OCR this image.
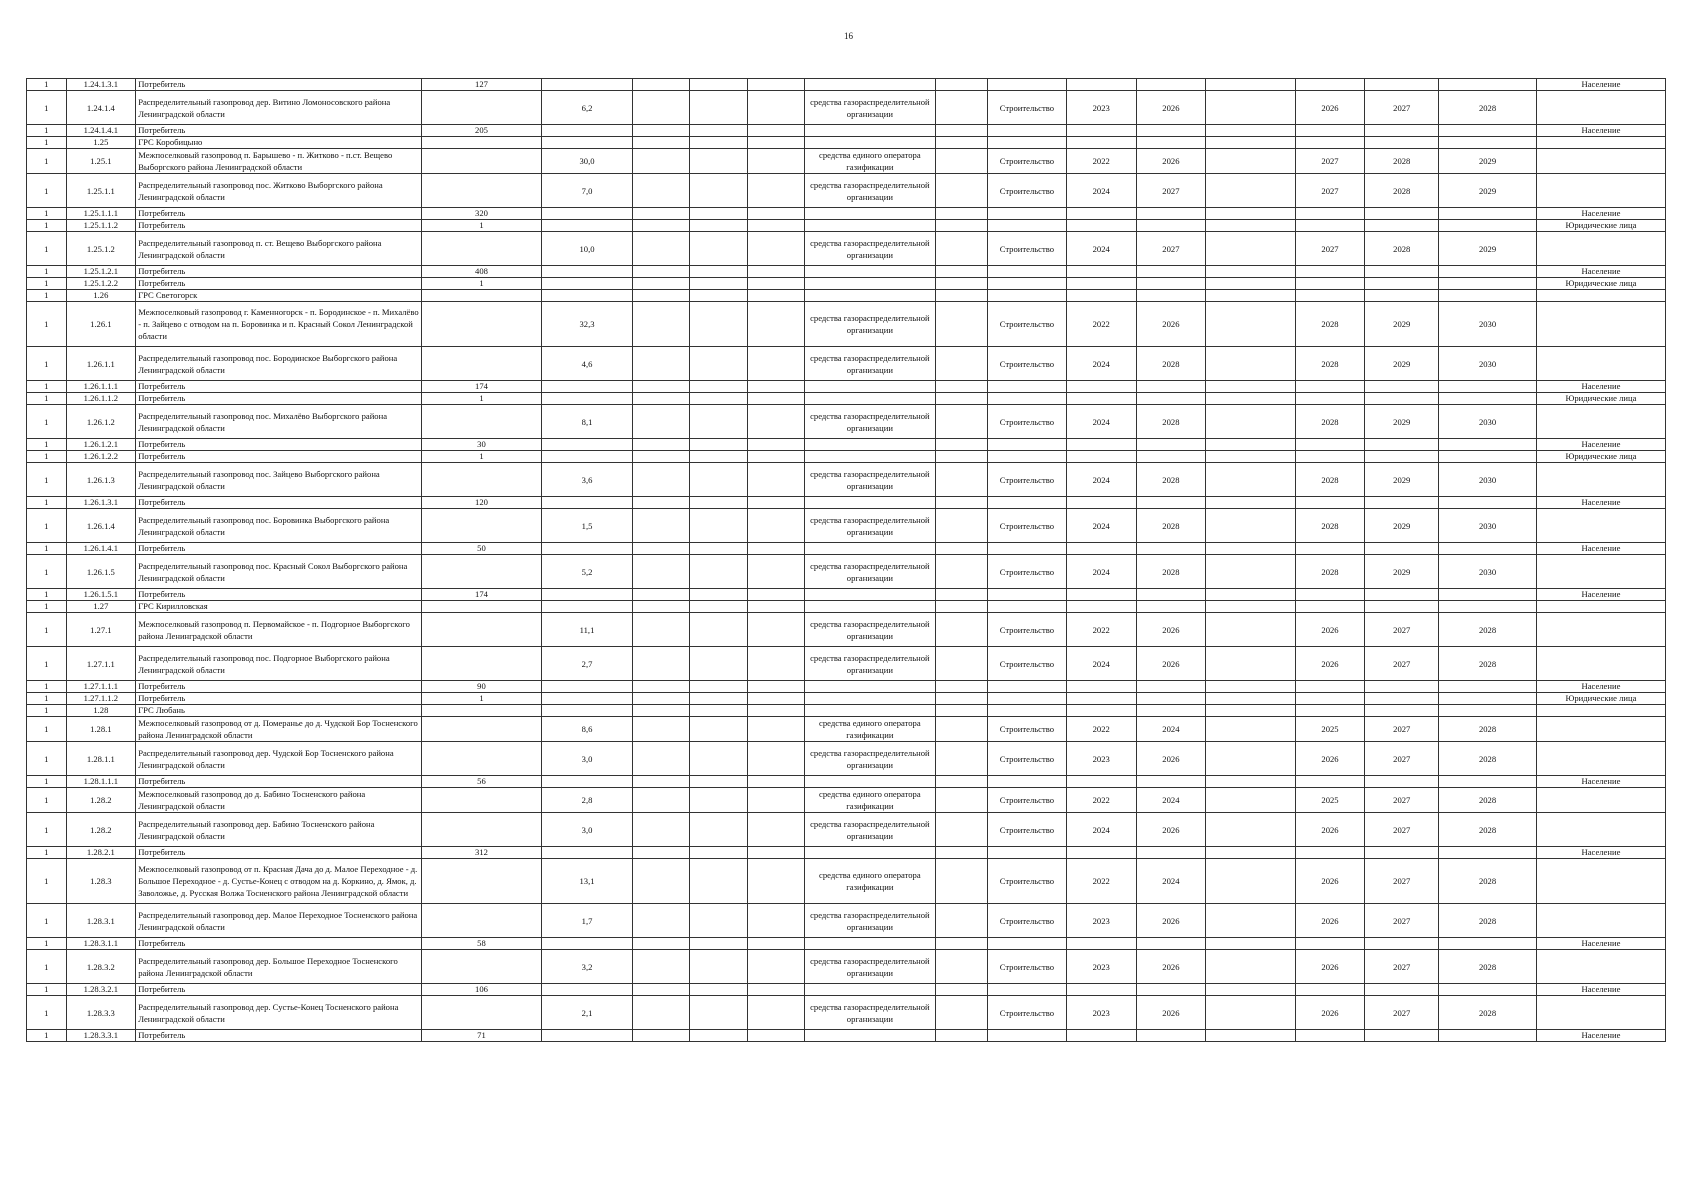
16
1	1.24.1.3.1	Потребитель	127														Население
1	1.24.1.4	Распределительный газопровод дер. Витино Ломоносовского района Ленинградской области		6,2				средства газораспределительной организации		Строительство	2023	2026		2026	2027	2028	
1	1.24.1.4.1	Потребитель	205														Население
1	1.25	ГРС Коробицыно															
1	1.25.1	Межпоселковый газопровод п. Барышево - п. Житково - п.ст. Вещево Выборгского района Ленинградской области		30,0				средства единого оператора газификации		Строительство	2022	2026		2027	2028	2029	
1	1.25.1.1	Распределительный газопровод пос. Житково Выборгского района Ленинградской области		7,0				средства газораспределительной организации		Строительство	2024	2027		2027	2028	2029	
1	1.25.1.1.1	Потребитель	320														Население
1	1.25.1.1.2	Потребитель	1														Юридические лица
1	1.25.1.2	Распределительный газопровод п. ст. Вещево Выборгского района Ленинградской области		10,0				средства газораспределительной организации		Строительство	2024	2027		2027	2028	2029	
1	1.25.1.2.1	Потребитель	408														Население
1	1.25.1.2.2	Потребитель	1														Юридические лица
1	1.26	ГРС Светогорск															
1	1.26.1	Межпоселковый газопровод г. Каменногорск - п. Бородинское - п. Михалёво - п. Зайцево с отводом на п. Боровинка и п. Красный Сокол Ленинградской области		32,3				средства газораспределительной организации		Строительство	2022	2026		2028	2029	2030	
1	1.26.1.1	Распределительный газопровод пос. Бородинское Выборгского района Ленинградской области		4,6				средства газораспределительной организации		Строительство	2024	2028		2028	2029	2030	
1	1.26.1.1.1	Потребитель	174														Население
1	1.26.1.1.2	Потребитель	1														Юридические лица
1	1.26.1.2	Распределительный газопровод пос. Михалёво Выборгского района Ленинградской области		8,1				средства газораспределительной организации		Строительство	2024	2028		2028	2029	2030	
1	1.26.1.2.1	Потребитель	30														Население
1	1.26.1.2.2	Потребитель	1														Юридические лица
1	1.26.1.3	Распределительный газопровод пос. Зайцево Выборгского района Ленинградской области		3,6				средства газораспределительной организации		Строительство	2024	2028		2028	2029	2030	
1	1.26.1.3.1	Потребитель	120														Население
1	1.26.1.4	Распределительный газопровод пос. Боровинка Выборгского района Ленинградской области		1,5				средства газораспределительной организации		Строительство	2024	2028		2028	2029	2030	
1	1.26.1.4.1	Потребитель	50														Население
1	1.26.1.5	Распределительный газопровод пос. Красный Сокол Выборгского района Ленинградской области		5,2				средства газораспределительной организации		Строительство	2024	2028		2028	2029	2030	
1	1.26.1.5.1	Потребитель	174														Население
1	1.27	ГРС Кирилловская															
1	1.27.1	Межпоселковый газопровод п. Первомайское - п. Подгорное Выборгского района Ленинградской области		11,1				средства газораспределительной организации		Строительство	2022	2026		2026	2027	2028	
1	1.27.1.1	Распределительный газопровод пос. Подгорное Выборгского района Ленинградской области		2,7				средства газораспределительной организации		Строительство	2024	2026		2026	2027	2028	
1	1.27.1.1.1	Потребитель	90														Население
1	1.27.1.1.2	Потребитель	1														Юридические лица
1	1.28	ГРС Любань															
1	1.28.1	Межпоселковый газопровод от д. Померанье до д. Чудской Бор Тосненского района Ленинградской области		8,6				средства единого оператора газификации		Строительство	2022	2024		2025	2027	2028	
1	1.28.1.1	Распределительный газопровод дер. Чудской Бор Тосненского района Ленинградской области		3,0				средства газораспределительной организации		Строительство	2023	2026		2026	2027	2028	
1	1.28.1.1.1	Потребитель	56														Население
1	1.28.2	Межпоселковый газопровод до д. Бабино Тосненского района Ленинградской области		2,8				средства единого оператора газификации		Строительство	2022	2024		2025	2027	2028	
1	1.28.2	Распределительный газопровод дер. Бабино Тосненского района Ленинградской области		3,0				средства газораспределительной организации		Строительство	2024	2026		2026	2027	2028	
1	1.28.2.1	Потребитель	312														Население
1	1.28.3	Межпоселковый газопровод от п. Красная Дача до д. Малое Переходное - д. Большое Переходное - д. Сустье-Конец с отводом на д. Коркино, д. Ямок, д. Заволожье, д. Русская Волжа Тосненского района Ленинградской области		13,1				средства единого оператора газификации		Строительство	2022	2024		2026	2027	2028	
1	1.28.3.1	Распределительный газопровод дер. Малое Переходное Тосненского района Ленинградской области		1,7				средства газораспределительной организации		Строительство	2023	2026		2026	2027	2028	
1	1.28.3.1.1	Потребитель	58														Население
1	1.28.3.2	Распределительный газопровод дер. Большое Переходное Тосненского района Ленинградской области		3,2				средства газораспределительной организации		Строительство	2023	2026		2026	2027	2028	
1	1.28.3.2.1	Потребитель	106														Население
1	1.28.3.3	Распределительный газопровод дер. Сустье-Конец Тосненского района Ленинградской области		2,1				средства газораспределительной организации		Строительство	2023	2026		2026	2027	2028	
1	1.28.3.3.1	Потребитель	71														Население
